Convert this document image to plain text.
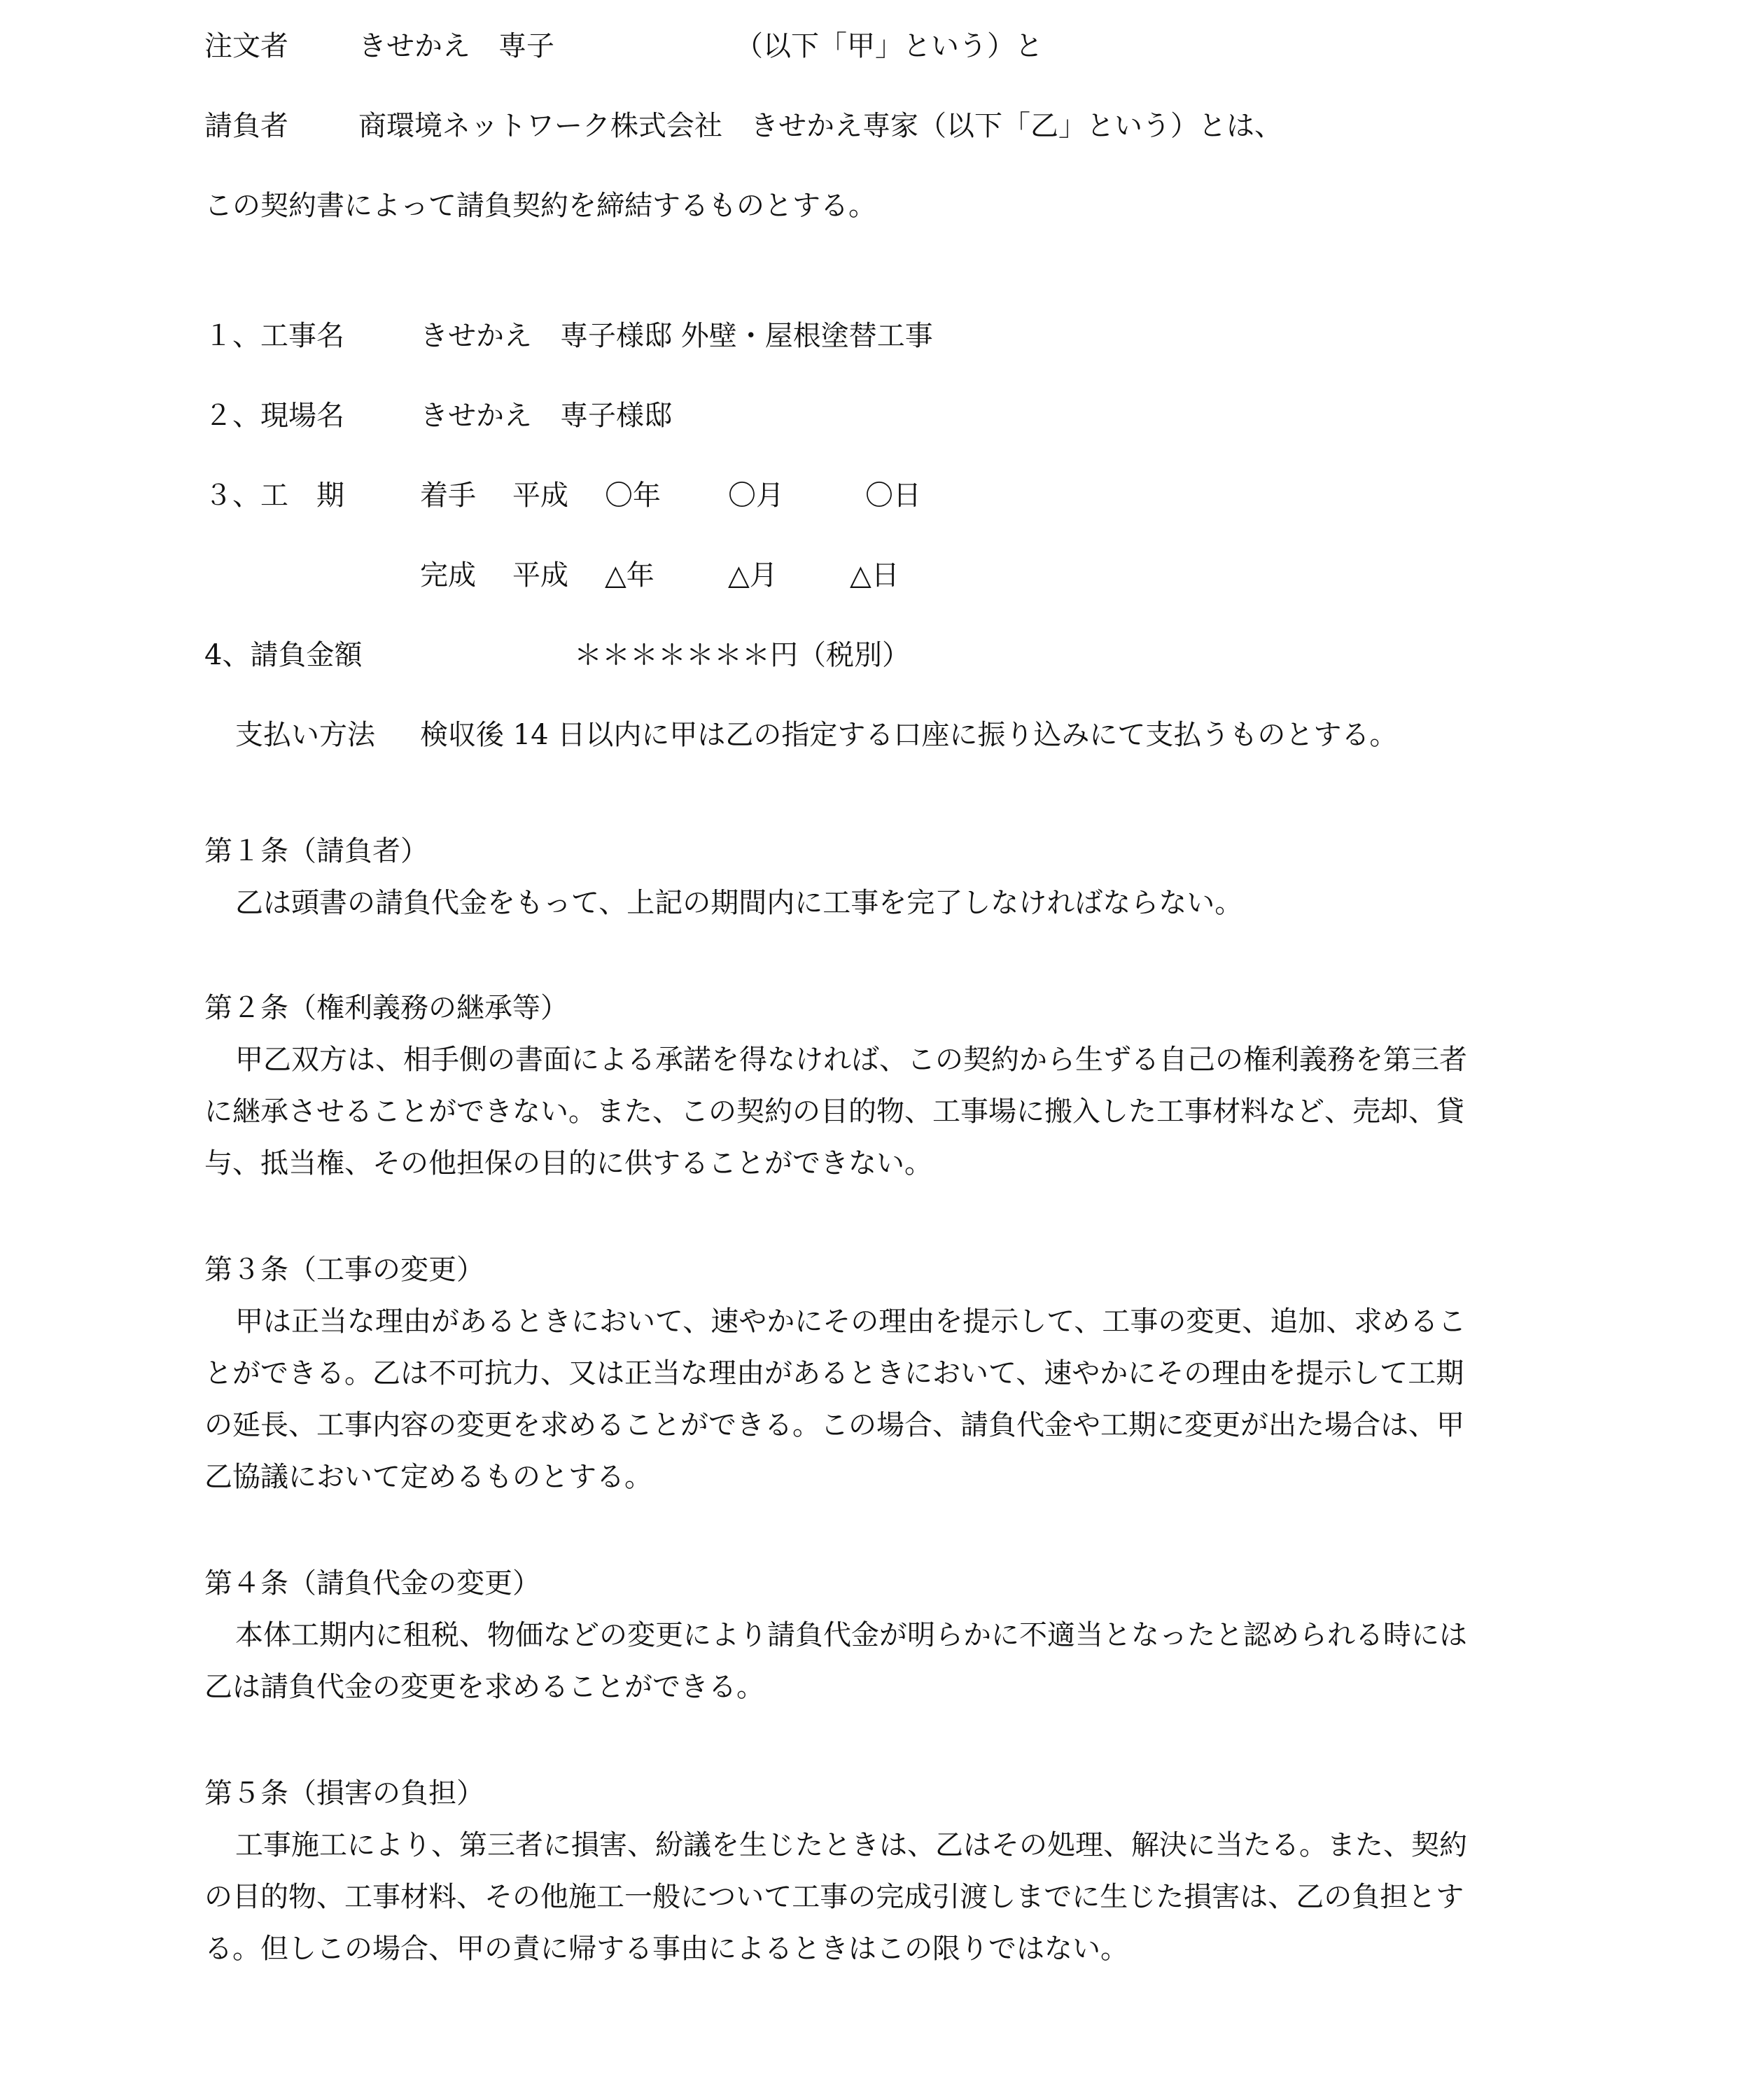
注文者	きせかえ　専子	（以下「甲」という）と
請負者	商環境ネットワーク株式会社　きせかえ専家（以下「乙」という）とは、
この契約書によって請負契約を締結するものとする。
１、工事名	きせかえ　専子様邸 外壁・屋根塗替工事
２、現場名	きせかえ　専子様邸
３、工　期	着手 平成 〇年 〇月	〇日
完成 平成 △年	△月	△日
4、請負金額	＊＊＊＊＊＊＊円（税別）
支払い方法 検収後 14 日以内に甲は乙の指定する口座に振り込みにて支払うものとする。
第１条（請負者）
乙は頭書の請負代金をもって、上記の期間内に工事を完了しなければならない。
第２条（権利義務の継承等）
甲乙双方は、相手側の書面による承諾を得なければ、この契約から生ずる自己の権利義務を第三者
に継承させることができない。また、この契約の目的物、工事場に搬入した工事材料など、売却、貸
与、抵当権、その他担保の目的に供することができない。
第３条（工事の変更）
甲は正当な理由があるときにおいて、速やかにその理由を提示して、工事の変更、追加、求めるこ
とができる。乙は不可抗力、又は正当な理由があるときにおいて、速やかにその理由を提示して工期
の延長、工事内容の変更を求めることができる。この場合、請負代金や工期に変更が出た場合は、甲
乙協議において定めるものとする。
第４条（請負代金の変更）
本体工期内に租税、物価などの変更により請負代金が明らかに不適当となったと認められる時には
乙は請負代金の変更を求めることができる。
第５条（損害の負担）
工事施工により、第三者に損害、紛議を生じたときは、乙はその処理、解決に当たる。また、契約
の目的物、工事材料、その他施工一般について工事の完成引渡しまでに生じた損害は、乙の負担とす
る。但しこの場合、甲の責に帰する事由によるときはこの限りではない。
